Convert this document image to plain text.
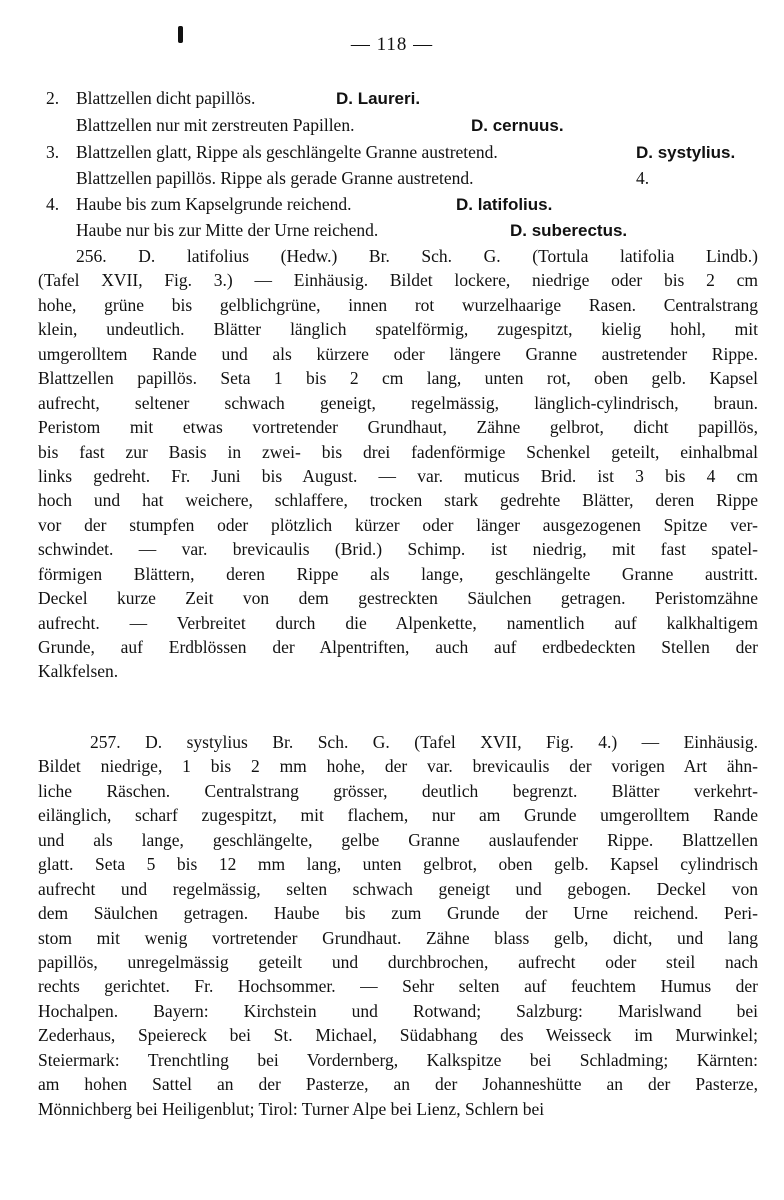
— 118 —
2. Blattzellen dicht papillös.	D. Laureri.
Blattzellen nur mit zerstreuten Papillen.	D. cernuus.
3. Blattzellen glatt, Rippe als geschlängelte Granne austretend.	D. systylius.
Blattzellen papillös. Rippe als gerade Granne austretend.	4.
4. Haube bis zum Kapselgrunde reichend.	D. latifolius.
Haube nur bis zur Mitte der Urne reichend.	D. suberectus.
256. D. latifolius (Hedw.) Br. Sch. G. (Tortula latifolia Lindb.)
(Tafel XVII, Fig. 3.) — Einhäusig. Bildet lockere, niedrige oder bis 2 cm
hohe, grüne bis gelblichgrüne, innen rot wurzelhaarige Rasen. Centralstrang
klein, undeutlich. Blätter länglich spatelförmig, zugespitzt, kielig hohl, mit
umgerolltem Rande und als kürzere oder längere Granne austretender Rippe.
Blattzellen papillös. Seta 1 bis 2 cm lang, unten rot, oben gelb. Kapsel
aufrecht, seltener schwach geneigt, regelmässig, länglich-cylindrisch, braun.
Peristom mit etwas vortretender Grundhaut, Zähne gelbrot, dicht papillös,
bis fast zur Basis in zwei- bis drei fadenförmige Schenkel geteilt, einhalbmal
links gedreht. Fr. Juni bis August. — var. muticus Brid. ist 3 bis 4 cm
hoch und hat weichere, schlaffere, trocken stark gedrehte Blätter, deren Rippe
vor der stumpfen oder plötzlich kürzer oder länger ausgezogenen Spitze ver-
schwindet. — var. brevicaulis (Brid.) Schimp. ist niedrig, mit fast spatel-
förmigen Blättern, deren Rippe als lange, geschlängelte Granne austritt.
Deckel kurze Zeit von dem gestreckten Säulchen getragen. Peristomzähne
aufrecht. — Verbreitet durch die Alpenkette, namentlich auf kalkhaltigem
Grunde, auf Erdblössen der Alpentriften, auch auf erdbedeckten Stellen der
Kalkfelsen.
257. D. systylius Br. Sch. G. (Tafel XVII, Fig. 4.) — Einhäusig.
Bildet niedrige, 1 bis 2 mm hohe, der var. brevicaulis der vorigen Art ähn-
liche Räschen. Centralstrang grösser, deutlich begrenzt. Blätter verkehrt-
eilänglich, scharf zugespitzt, mit flachem, nur am Grunde umgerolltem Rande
und als lange, geschlängelte, gelbe Granne auslaufender Rippe. Blattzellen
glatt. Seta 5 bis 12 mm lang, unten gelbrot, oben gelb. Kapsel cylindrisch
aufrecht und regelmässig, selten schwach geneigt und gebogen. Deckel von
dem Säulchen getragen. Haube bis zum Grunde der Urne reichend. Peri-
stom mit wenig vortretender Grundhaut. Zähne blass gelb, dicht, und lang
papillös, unregelmässig geteilt und durchbrochen, aufrecht oder steil nach
rechts gerichtet. Fr. Hochsommer. — Sehr selten auf feuchtem Humus der
Hochalpen. Bayern: Kirchstein und Rotwand; Salzburg: Marislwand bei
Zederhaus, Speiereck bei St. Michael, Südabhang des Weisseck im Murwinkel;
Steiermark: Trenchtling bei Vordernberg, Kalkspitze bei Schladming; Kärnten:
am hohen Sattel an der Pasterze, an der Johanneshütte an der Pasterze,
Mönnichberg bei Heiligenblut; Tirol: Turner Alpe bei Lienz, Schlern bei
